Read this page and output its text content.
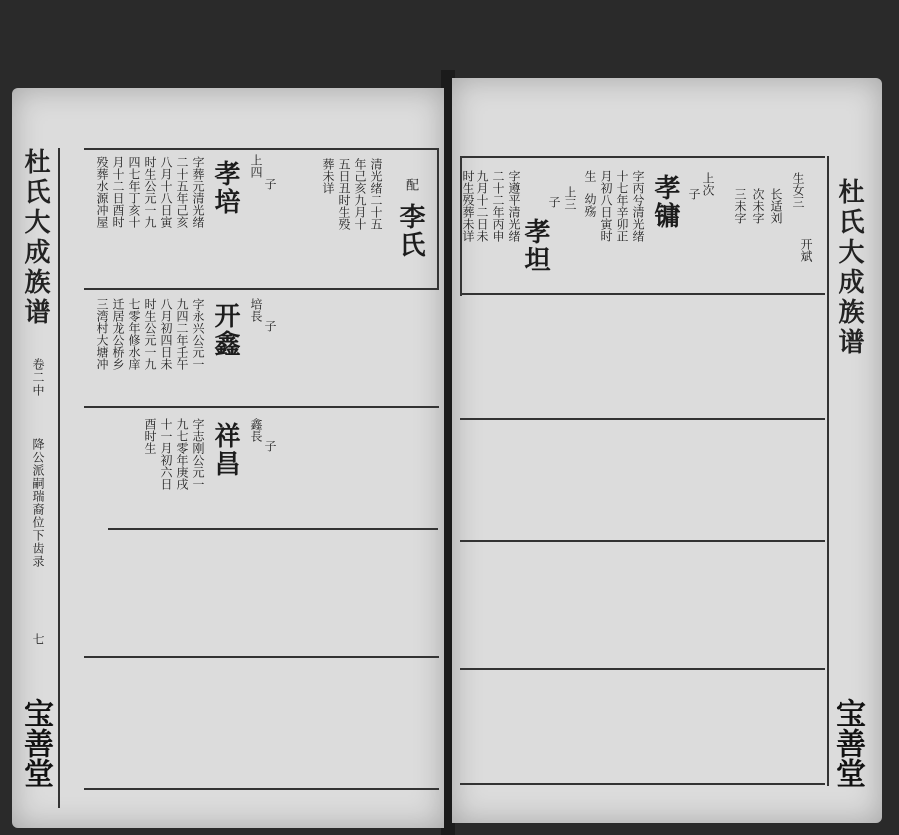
杜氏大成族谱
卷二中
降公派嗣瑞裔位下齿录
七
宝善堂
配
李氏
清光绪二十五
年己亥九月十
五日丑时生殁
葬未详
上四
子
孝培
字葬元清光绪
二十五年己亥
八月十八日寅
时生公元一九
四七年丁亥十
月十二日酉时
殁葬水源冲屋
培長
子
开鑫
字永兴公元一
九四二年壬午
八月初四日未
时生公元一九
七零年修水庠
迁居龙公桥乡
三湾村大塘冲
鑫長
子
祥昌
字志刚公元一
九七零年庚戌
十一月初六日
酉时生
杜氏大成族谱
宝善堂
生女三
长适刘
次未字
三未字
开斌
上次
子
孝镛
字丙兮清光绪
十七年辛卯正
月初八日寅时
生
幼殇
上三
子
孝坦
字遵平清光绪
二十二年丙申
九月十二日未
时生殁葬未详
